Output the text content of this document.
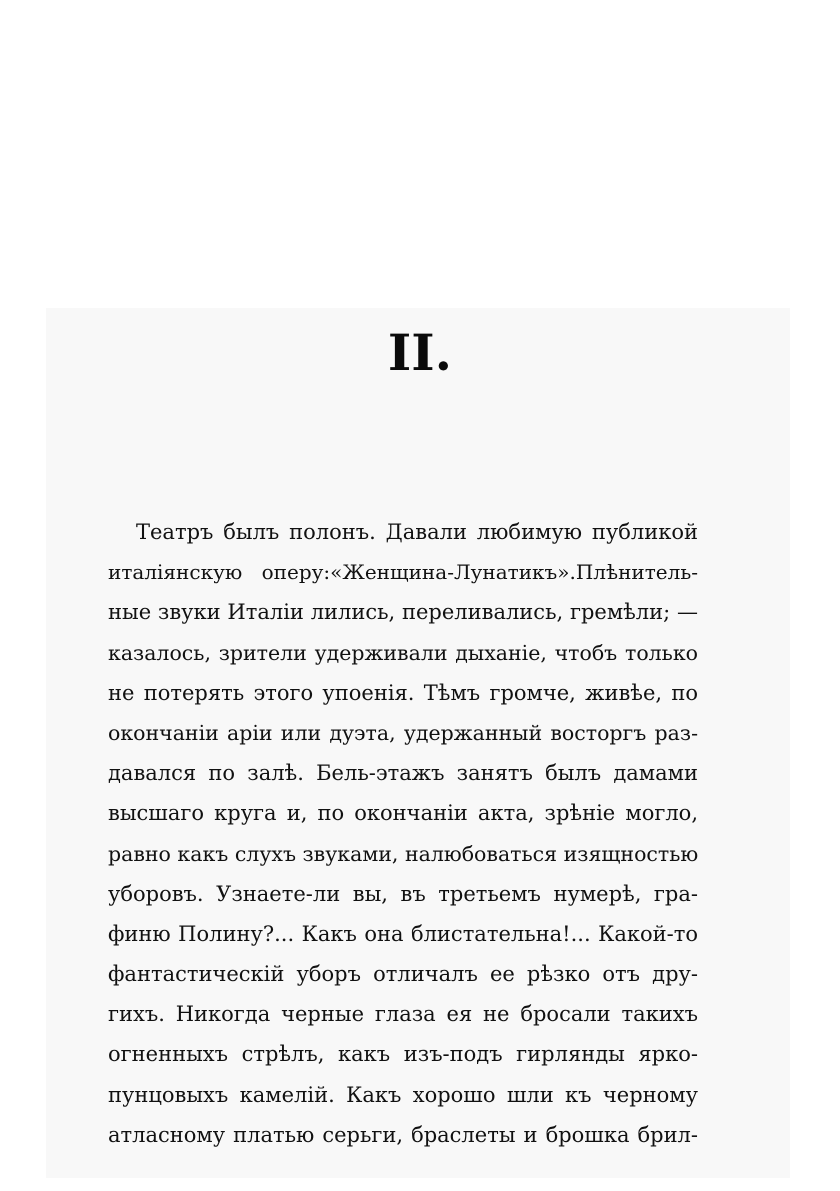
II.
Театръ былъ полонъ. Давали любимую публикой
италіянскую оперу:«Женщина-Лунатикъ».Плѣнитель-
ные звуки Италіи лились, переливались, гремѣли; —
казалось, зрители удерживали дыханіе, чтобъ только
не потерять этого упоенія. Тѣмъ громче, живѣе, по
окончаніи аріи или дуэта, удержанный восторгъ раз-
давался по залѣ. Бель-этажъ занятъ былъ дамами
высшаго круга и, по окончаніи акта, зрѣніе могло,
равно какъ слухъ звуками, налюбоваться изящностью
уборовъ. Узнаете-ли вы, въ третьемъ нумерѣ, гра-
финю Полину?... Какъ она блистательна!... Какой-то
фантастическій уборъ отличалъ ее рѣзко отъ дру-
гихъ. Никогда черные глаза ея не бросали такихъ
огненныхъ стрѣлъ, какъ изъ-подъ гирлянды ярко-
пунцовыхъ камелій. Какъ хорошо шли къ черному
атласному платью серьги, браслеты и брошка брил-
